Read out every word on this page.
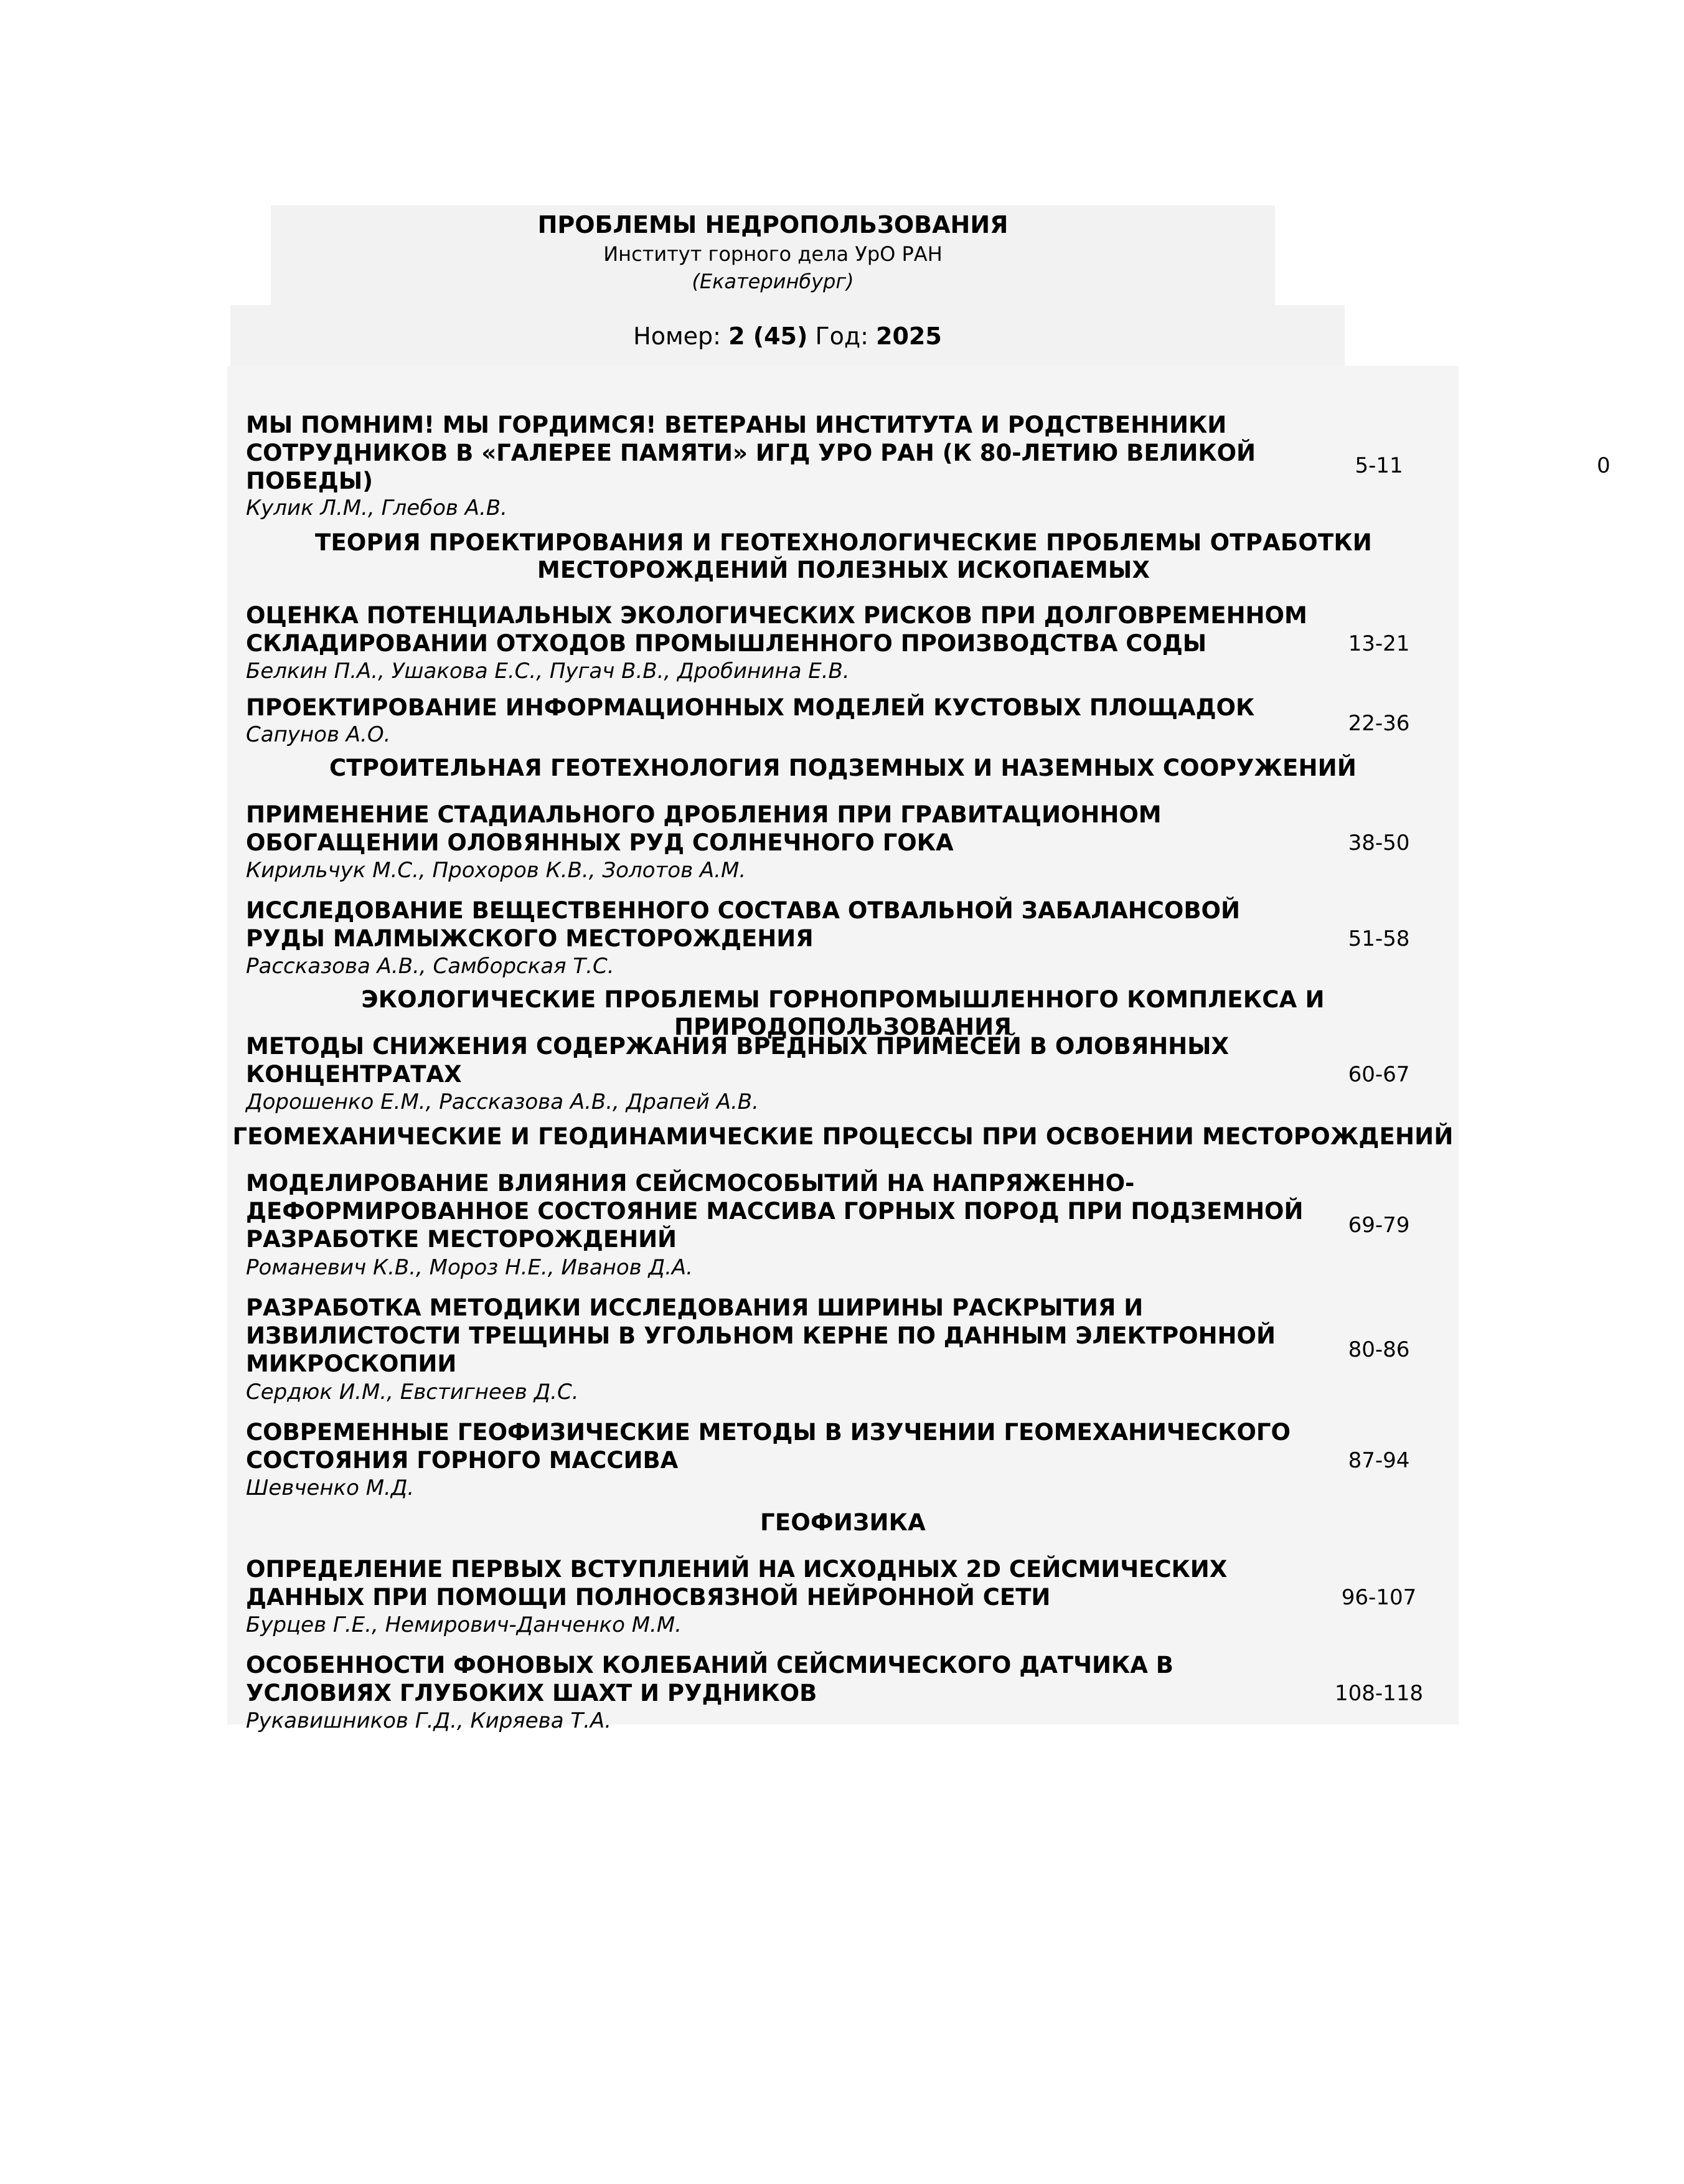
ПРОБЛЕМЫ НЕДРОПОЛЬЗОВАНИЯ
Институт горного дела УрО РАН
(Екатеринбург)
Номер: 2 (45) Год: 2025
МЫ ПОМНИМ! МЫ ГОРДИМСЯ! ВЕТЕРАНЫ ИНСТИТУТА И РОДСТВЕННИКИ СОТРУДНИКОВ В «ГАЛЕРЕЕ ПАМЯТИ» ИГД УРО РАН (К 80-ЛЕТИЮ ВЕЛИКОЙ ПОБЕДЫ)
5-11	0
Кулик Л.М., Глебов А.В.
ТЕОРИЯ ПРОЕКТИРОВАНИЯ И ГЕОТЕХНОЛОГИЧЕСКИЕ ПРОБЛЕМЫ ОТРАБОТКИ МЕСТОРОЖДЕНИЙ ПОЛЕЗНЫХ ИСКОПАЕМЫХ
ОЦЕНКА ПОТЕНЦИАЛЬНЫХ ЭКОЛОГИЧЕСКИХ РИСКОВ ПРИ ДОЛГОВРЕМЕННОМ СКЛАДИРОВАНИИ ОТХОДОВ ПРОМЫШЛЕННОГО ПРОИЗВОДСТВА СОДЫ	13-21
Белкин П.А., Ушакова Е.С., Пугач В.В., Дробинина Е.В.
ПРОЕКТИРОВАНИЕ ИНФОРМАЦИОННЫХ МОДЕЛЕЙ КУСТОВЫХ ПЛОЩАДОК
22-36
Сапунов А.О.
СТРОИТЕЛЬНАЯ ГЕОТЕХНОЛОГИЯ ПОДЗЕМНЫХ И НАЗЕМНЫХ СООРУЖЕНИЙ
ПРИМЕНЕНИЕ СТАДИАЛЬНОГО ДРОБЛЕНИЯ ПРИ ГРАВИТАЦИОННОМ ОБОГАЩЕНИИ ОЛОВЯННЫХ РУД СОЛНЕЧНОГО ГОКА	38-50
Кирильчук М.С., Прохоров К.В., Золотов А.М.
ИССЛЕДОВАНИЕ ВЕЩЕСТВЕННОГО СОСТАВА ОТВАЛЬНОЙ ЗАБАЛАНСОВОЙ РУДЫ МАЛМЫЖСКОГО МЕСТОРОЖДЕНИЯ	51-58
Рассказова А.В., Самборская Т.С.
ЭКОЛОГИЧЕСКИЕ ПРОБЛЕМЫ ГОРНОПРОМЫШЛЕННОГО КОМПЛЕКСА И ПРИРОДОПОЛЬЗОВАНИЯ
МЕТОДЫ СНИЖЕНИЯ СОДЕРЖАНИЯ ВРЕДНЫХ ПРИМЕСЕЙ В ОЛОВЯННЫХ КОНЦЕНТРАТАХ	60-67
Дорошенко Е.М., Рассказова А.В., Драпей А.В.
ГЕОМЕХАНИЧЕСКИЕ И ГЕОДИНАМИЧЕСКИЕ ПРОЦЕССЫ ПРИ ОСВОЕНИИ МЕСТОРОЖДЕНИЙ
МОДЕЛИРОВАНИЕ ВЛИЯНИЯ СЕЙСМОСОБЫТИЙ НА НАПРЯЖЕННО-ДЕФОРМИРОВАННОЕ СОСТОЯНИЕ МАССИВА ГОРНЫХ ПОРОД ПРИ ПОДЗЕМНОЙ РАЗРАБОТКЕ МЕСТОРОЖДЕНИЙ
69-79
Романевич К.В., Мороз Н.Е., Иванов Д.А.
РАЗРАБОТКА МЕТОДИКИ ИССЛЕДОВАНИЯ ШИРИНЫ РАСКРЫТИЯ И ИЗВИЛИСТОСТИ ТРЕЩИНЫ В УГОЛЬНОМ КЕРНЕ ПО ДАННЫМ ЭЛЕКТРОННОЙ МИКРОСКОПИИ
80-86
Сердюк И.М., Евстигнеев Д.С.
СОВРЕМЕННЫЕ ГЕОФИЗИЧЕСКИЕ МЕТОДЫ В ИЗУЧЕНИИ ГЕОМЕХАНИЧЕСКОГО СОСТОЯНИЯ ГОРНОГО МАССИВА	87-94
Шевченко М.Д.
ГЕОФИЗИКА
ОПРЕДЕЛЕНИЕ ПЕРВЫХ ВСТУПЛЕНИЙ НА ИСХОДНЫХ 2D СЕЙСМИЧЕСКИХ ДАННЫХ ПРИ ПОМОЩИ ПОЛНОСВЯЗНОЙ НЕЙРОННОЙ СЕТИ	96-107
Бурцев Г.Е., Немирович-Данченко М.М.
ОСОБЕННОСТИ ФОНОВЫХ КОЛЕБАНИЙ СЕЙСМИЧЕСКОГО ДАТЧИКА В УСЛОВИЯХ ГЛУБОКИХ ШАХТ И РУДНИКОВ	108-118
Рукавишников Г.Д., Киряева Т.А.
